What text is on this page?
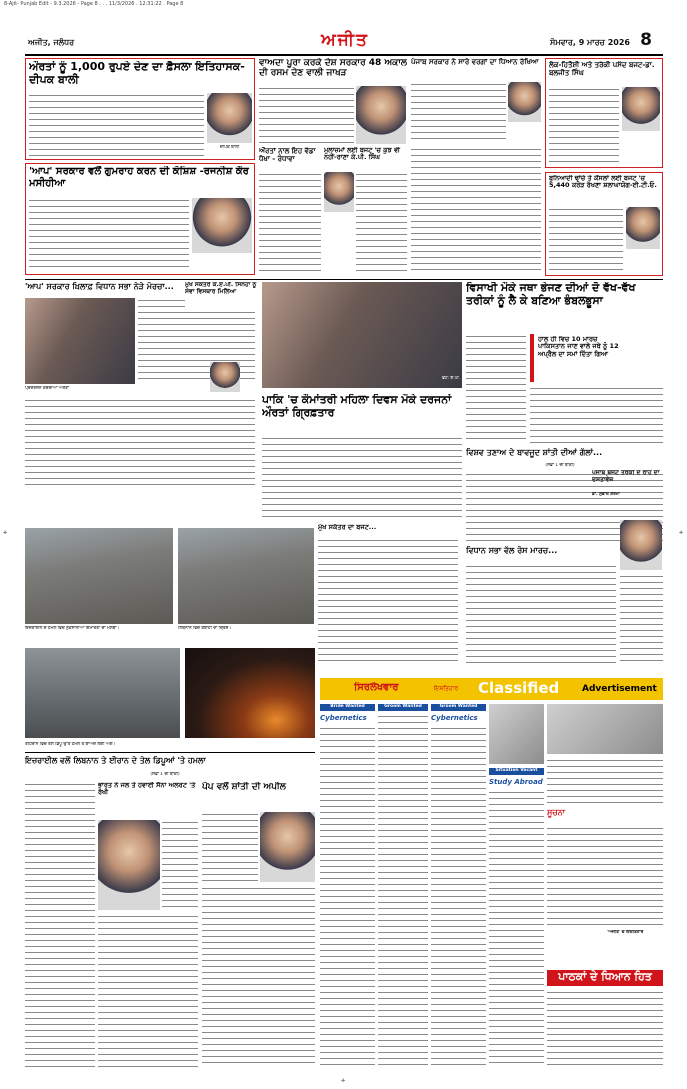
8-Ajit- Punjab Edit - 9.3.2026 - Page 8 . . . 11/3/2026 . 12:31:22 . Page 8
ਅਜੀਤ, ਜਲੰਧਰ	ਅਜੀਤ	ਸੋਮਵਾਰ, 9 ਮਾਰਚ 2026 8
ਔਰਤਾਂ ਨੂੰ 1,000 ਰੁਪਏ ਦੇਣ ਦਾ ਫ਼ੈਸਲਾ ਇਤਿਹਾਸਕ-ਦੀਪਕ ਬਾਲੀ
ਦੀਪਕ ਬਾਲੀ
'ਆਪ' ਸਰਕਾਰ ਵਲੋਂ ਗੁਮਰਾਹ ਕਰਨ ਦੀ ਕੋਸ਼ਿਸ਼ -ਰਜਨੀਸ਼ ਕੌਰ ਮਸੀਹੀਆ
ਵਾਅਦਾ ਪੂਰਾ ਕਰਕੇ ਦੇਸ਼ ਸਰਕਾਰ 48 ਅਕਾਲ ਦੀ ਰਸਮ ਦੇਣ ਵਾਲੀ ਜਾਖੜ
ਔਰਤਾਂ ਨਾਲ ਇਹ ਵੱਡਾ ਧੋਖਾ - ਰੰਧਾਵਾ
ਮੁਲਾਜ਼ਮਾਂ ਲਈ ਬਜਟ 'ਚ ਕੁਝ ਵੀ ਨਹੀਂ-ਰਾਣਾ ਕੇ.ਪੀ. ਸਿੰਘ
ਪੰਜਾਬ ਸਰਕਾਰ ਨੇ ਸਾਰੇ ਵਰਗਾਂ ਦਾ ਧਿਆਨ ਰੱਖਿਆ	ਲੋਕ-ਹਿਤੈਸ਼ੀ ਅਤੇ ਤਰੱਕੀ ਪਸੰਦ ਬਜਟ-ਡਾ. ਬਲਜੀਤ ਸਿੰਘ
ਬੁਨਿਆਦੀ ਢਾਂਚੇ ਤੇ ਕੌਂਸਲਾਂ ਲਈ ਬਜਟ 'ਚ 5,440 ਕਰੋੜ ਰੱਖਣਾ ਸ਼ਲਾਘਾਯੋਗ-ਈ.ਟੀ.ਓ.
'ਆਪ' ਸਰਕਾਰ ਖ਼ਿਲਾਫ਼ ਵਿਧਾਨ ਸਭਾ ਨੇੜੇ ਮੋਰਚਾ...
ਪ੍ਰਦਰਸ਼ਨ ਕਰਦੀਆਂ ਔਰਤਾਂ
ਮੁੱਖ ਸਕੱਤਰ ਕੇ.ਏ.ਪੀ. ਸਿਨਹਾ ਨੂੰ ਸੇਵਾ ਵਿਸਥਾਰ ਮਿਲਿਆ
ਫੋਟੋ: ਏ.ਪੀ.
ਪਾਕਿ 'ਚ ਕੌਮਾਂਤਰੀ ਮਹਿਲਾ ਦਿਵਸ ਮੌਕੇ ਦਰਜਨਾਂ ਔਰਤਾਂ ਗ੍ਰਿਫ਼ਤਾਰ
ਮੁੱਖ ਸਕੱਤਰ ਦਾ ਬਜਟ...
ਵਿਸਾਖੀ ਮੌਕੇ ਜਥਾ ਭੇਜਣ ਦੀਆਂ ਦੋ ਵੱਖ-ਵੱਖ ਤਰੀਕਾਂ ਨੂੰ ਲੈ ਕੇ ਬਣਿਆ ਭੰਬਲਭੂਸਾ
ਹਾਲ ਹੀ ਵਿਚ 10 ਮਾਰਚ ਪਾਕਿਸਤਾਨ ਜਾਣ ਵਾਲੇ ਜਥੇ ਨੂੰ 12 ਅਪ੍ਰੈਲ ਦਾ ਸਮਾਂ ਦਿੱਤਾ ਗਿਆ
ਵਿਸ਼ਵ ਤਣਾਅ ਦੇ ਬਾਵਜੂਦ ਸ਼ਾਂਤੀ ਦੀਆਂ ਗੱਲਾਂ...
(ਸਫ਼ਾ 1 ਦੀ ਬਾਕੀ)
ਵਿਧਾਨ ਸਭਾ ਵੱਲ ਰੋਸ ਮਾਰਚ...
ਪੰਜਾਬ ਬਜਟ ਤਰੱਕੀ ਦੇ ਰਾਹ ਦਾ ਦਸਤਾਵੇਜ਼
ਡਾ. ਸੁਭਾਸ਼ ਸ਼ਰਮਾ
ਇਜ਼ਰਾਈਲ ਦੇ ਹਮਲੇ ਵਿਚ ਨੁਕਸਾਨੀਆਂ ਇਮਾਰਤਾਂ ਦਾ ਮਲਬਾ।	ਲਿਬਨਾਨ ਵਿਚ ਤਬਾਹੀ ਦਾ ਦ੍ਰਿਸ਼।
ਤਹਿਰਾਨ ਵਿਚ ਤੇਲ ਡਿਪੂ ਉੱਤੇ ਹਮਲੇ ਤੋਂ ਬਾਅਦ ਲੱਗੀ ਅੱਗ।
ਇਜ਼ਰਾਈਲ ਵਲੋਂ ਲਿਬਨਾਨ ਤੇ ਈਰਾਨ ਦੇ ਤੇਲ ਡਿਪੂਆਂ 'ਤੇ ਹਮਲਾ
(ਸਫ਼ਾ 1 ਦੀ ਬਾਕੀ)
ਭਾਰਤ ਨੇ ਜਲ ਤੇ ਹਵਾਈ ਸੈਨਾ ਅਲਰਟ 'ਤੇ ਰੱਖੀ
ਪੋਪ ਵਲੋਂ ਸ਼ਾਂਤੀ ਦੀ ਅਪੀਲ
ਸਿਰਲੇਖਵਾਰ	ਇਸ਼ਤਿਹਾਰ	Classified	Advertisement
Bride Wanted
Cybernetics
Groom Wanted	Groom Wanted
Cybernetics
Situation Vacant
Study Abroad
ਸੂਚਨਾ
'ਅਜੀਤ' ਦੇ ਇਸ਼ਤਿਹਾਰ
ਪਾਠਕਾਂ ਦੇ ਧਿਆਨ ਹਿਤ
✛	✛
✛
